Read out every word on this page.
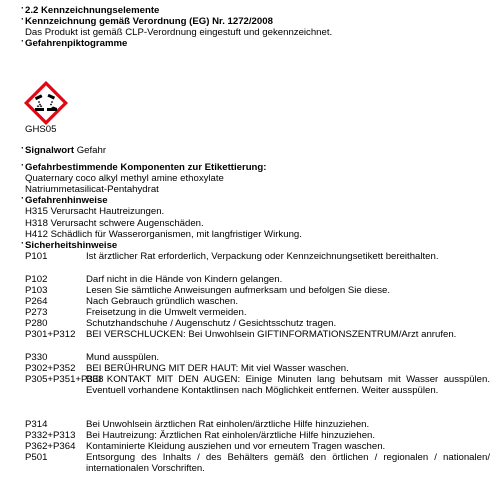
· 2.2 Kennzeichnungselemente
· Kennzeichnung gemäß Verordnung (EG) Nr. 1272/2008
Das Produkt ist gemäß CLP-Verordnung eingestuft und gekennzeichnet.
· Gefahrenpiktogramme
GHS05
· Signalwort Gefahr
· Gefahrbestimmende Komponenten zur Etikettierung:
Quaternary coco alkyl methyl amine ethoxylate
Natriummetasilicat-Pentahydrat
· Gefahrenhinweise
H315 Verursacht Hautreizungen.
H318 Verursacht schwere Augenschäden.
H412 Schädlich für Wasserorganismen, mit langfristiger Wirkung.
· Sicherheitshinweise
P101	Ist ärztlicher Rat erforderlich, Verpackung oder Kennzeichnungsetikett bereithalten.
P102	Darf nicht in die Hände von Kindern gelangen.
P103	Lesen Sie sämtliche Anweisungen aufmerksam und befolgen Sie diese.
P264	Nach Gebrauch gründlich waschen.
P273	Freisetzung in die Umwelt vermeiden.
P280	Schutzhandschuhe / Augenschutz / Gesichtsschutz tragen.
P301+P312 BEI VERSCHLUCKEN: Bei Unwohlsein GIFTINFORMATIONSZENTRUM/Arzt anrufen.
P330	Mund ausspülen.
P302+P352 BEI BERÜHRUNG MIT DER HAUT: Mit viel Wasser waschen.
P305+P351+P338
BEI KONTAKT MIT DEN AUGEN: Einige Minuten lang behutsam mit Wasser ausspülen. Eventuell vorhandene Kontaktlinsen nach Möglichkeit entfernen. Weiter ausspülen.
P314	Bei Unwohlsein ärztlichen Rat einholen/ärztliche Hilfe hinzuziehen.
P332+P313 Bei Hautreizung: Ärztlichen Rat einholen/ärztliche Hilfe hinzuziehen.
P362+P364 Kontaminierte Kleidung ausziehen und vor erneutem Tragen waschen.
P501	Entsorgung des Inhalts / des Behälters gemäß den örtlichen / regionalen / nationalen/ internationalen Vorschriften.
